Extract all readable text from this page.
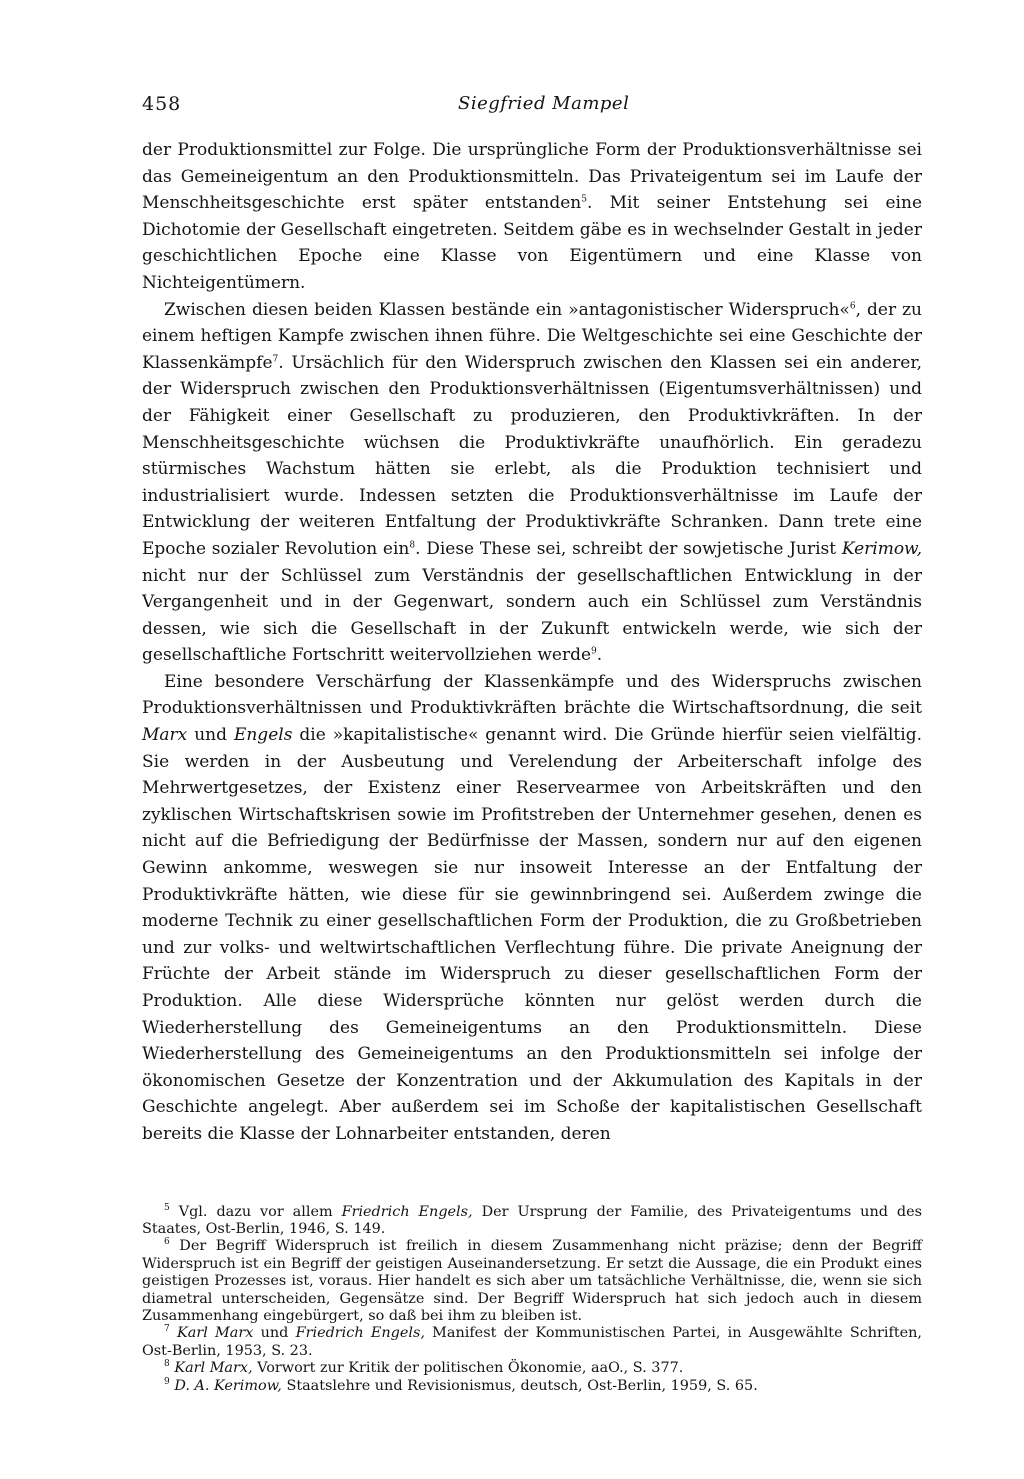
458	Siegfried Mampel

der Produktionsmittel zur Folge. Die ursprüngliche Form der Produktionsverhältnisse sei das Gemeineigentum an den Produktionsmitteln. Das Privateigentum sei im Laufe der Menschheitsgeschichte erst später entstanden$^5$. Mit seiner Entstehung sei eine Dichotomie der Gesellschaft eingetreten. Seitdem gäbe es in wechselnder Gestalt in jeder geschichtlichen Epoche eine Klasse von Eigentümern und eine Klasse von Nichteigentümern.

Zwischen diesen beiden Klassen bestände ein »antagonistischer Widerspruch«$^6$, der zu einem heftigen Kampfe zwischen ihnen führe. Die Weltgeschichte sei eine Geschichte der Klassenkämpfe$^7$. Ursächlich für den Widerspruch zwischen den Klassen sei ein anderer, der Widerspruch zwischen den Produktionsverhältnissen (Eigentumsverhältnissen) und der Fähigkeit einer Gesellschaft zu produzieren, den Produktivkräften. In der Menschheitsgeschichte wüchsen die Produktivkräfte unaufhörlich. Ein geradezu stürmisches Wachstum hätten sie erlebt, als die Produktion technisiert und industrialisiert wurde. Indessen setzten die Produktionsverhältnisse im Laufe der Entwicklung der weiteren Entfaltung der Produktivkräfte Schranken. Dann trete eine Epoche sozialer Revolution ein$^8$. Diese These sei, schreibt der sowjetische Jurist Kerimow, nicht nur der Schlüssel zum Verständnis der gesellschaftlichen Entwicklung in der Vergangenheit und in der Gegenwart, sondern auch ein Schlüssel zum Verständnis dessen, wie sich die Gesellschaft in der Zukunft entwickeln werde, wie sich der gesellschaftliche Fortschritt weitervollziehen werde$^9$.

Eine besondere Verschärfung der Klassenkämpfe und des Widerspruchs zwischen Produktionsverhältnissen und Produktivkräften brächte die Wirtschaftsordnung, die seit Marx und Engels die »kapitalistische« genannt wird. Die Gründe hierfür seien vielfältig. Sie werden in der Ausbeutung und Verelendung der Arbeiterschaft infolge des Mehrwertgesetzes, der Existenz einer Reservearmee von Arbeitskräften und den zyklischen Wirtschaftskrisen sowie im Profitstreben der Unternehmer gesehen, denen es nicht auf die Befriedigung der Bedürfnisse der Massen, sondern nur auf den eigenen Gewinn ankomme, weswegen sie nur insoweit Interesse an der Entfaltung der Produktivkräfte hätten, wie diese für sie gewinnbringend sei. Außerdem zwinge die moderne Technik zu einer gesellschaftlichen Form der Produktion, die zu Großbetrieben und zur volks- und weltwirtschaftlichen Verflechtung führe. Die private Aneignung der Früchte der Arbeit stände im Widerspruch zu dieser gesellschaftlichen Form der Produktion. Alle diese Widersprüche könnten nur gelöst werden durch die Wiederherstellung des Gemeineigentums an den Produktionsmitteln. Diese Wiederherstellung des Gemeineigentums an den Produktionsmitteln sei infolge der ökonomischen Gesetze der Konzentration und der Akkumulation des Kapitals in der Geschichte angelegt. Aber außerdem sei im Schoße der kapitalistischen Gesellschaft bereits die Klasse der Lohnarbeiter entstanden, deren

$^5$ Vgl. dazu vor allem Friedrich Engels, Der Ursprung der Familie, des Privateigentums und des Staates, Ost-Berlin, 1946, S. 149.

$^6$ Der Begriff Widerspruch ist freilich in diesem Zusammenhang nicht präzise; denn der Begriff Widerspruch ist ein Begriff der geistigen Auseinandersetzung. Er setzt die Aussage, die ein Produkt eines geistigen Prozesses ist, voraus. Hier handelt es sich aber um tatsächliche Verhältnisse, die, wenn sie sich diametral unterscheiden, Gegensätze sind. Der Begriff Widerspruch hat sich jedoch auch in diesem Zusammenhang eingebürgert, so daß bei ihm zu bleiben ist.

$^7$ Karl Marx und Friedrich Engels, Manifest der Kommunistischen Partei, in Ausgewählte Schriften, Ost-Berlin, 1953, S. 23.

$^8$ Karl Marx, Vorwort zur Kritik der politischen Ökonomie, aaO., S. 377.

$^9$ D. A. Kerimow, Staatslehre und Revisionismus, deutsch, Ost-Berlin, 1959, S. 65.
